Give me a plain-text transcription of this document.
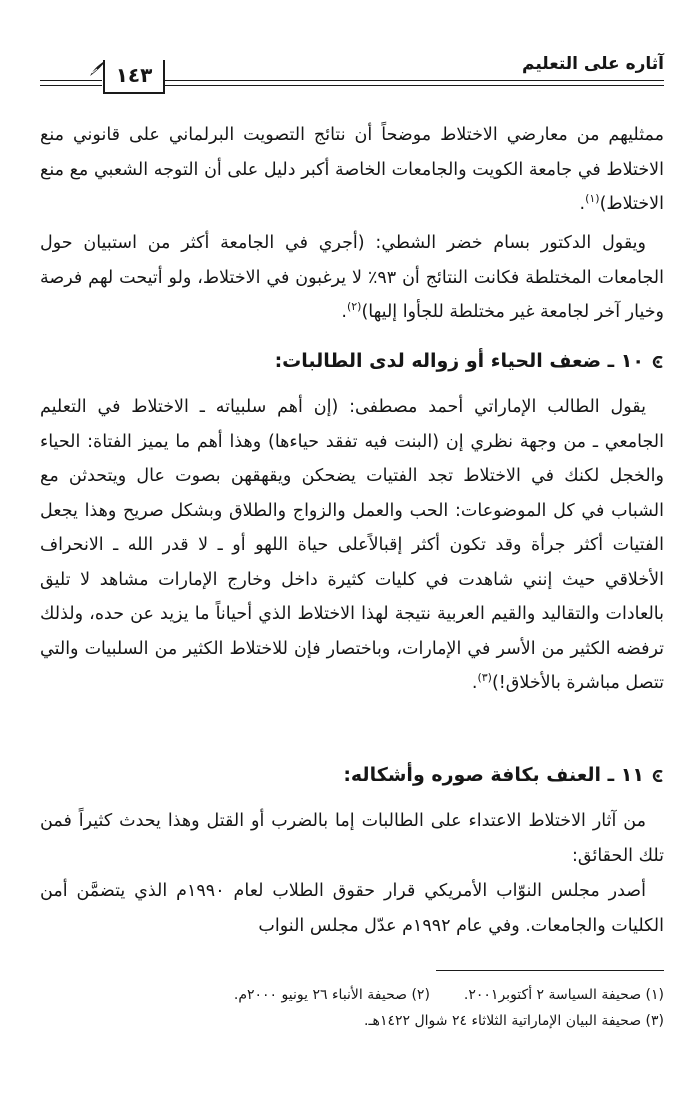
آثاره على التعليم
١٤٣

ممثليهم من معارضي الاختلاط موضحاً أن نتائج التصويت البرلماني على قانوني منع الاختلاط في جامعة الكويت والجامعات الخاصة أكبر دليل على أن التوجه الشعبي مع منع الاختلاط)$^{(١)}$.

ويقول الدكتور بسام خضر الشطي: (أجري في الجامعة أكثر من استبيان حول الجامعات المختلطة فكانت النتائج أن ٩٣٪ لا يرغبون في الاختلاط، ولو أتيحت لهم فرصة وخيار آخر لجامعة غير مختلطة للجأوا إليها)$^{(٢)}$.

١٠ ـ ضعف الحياء أو زواله لدى الطالبات:

يقول الطالب الإماراتي أحمد مصطفى: (إن أهم سلبياته ـ الاختلاط في التعليم الجامعي ـ من وجهة نظري إن (البنت فيه تفقد حياءها) وهذا أهم ما يميز الفتاة: الحياء والخجل لكنك في الاختلاط تجد الفتيات يضحكن ويقهقهن بصوت عال ويتحدثن مع الشباب في كل الموضوعات: الحب والعمل والزواج والطلاق وبشكل صريح وهذا يجعل الفتيات أكثر جرأة وقد تكون أكثر إقبالاًعلى حياة اللهو أو ـ لا قدر الله ـ الانحراف الأخلاقي حيث إنني شاهدت في كليات كثيرة داخل وخارج الإمارات مشاهد لا تليق بالعادات والتقاليد والقيم العربية نتيجة لهذا الاختلاط الذي أحياناً ما يزيد عن حده، ولذلك ترفضه الكثير من الأسر في الإمارات، وباختصار فإن للاختلاط الكثير من السلبيات والتي تتصل مباشرة بالأخلاق!)$^{(٣)}$.

١١ ـ العنف بكافة صوره وأشكاله:

من آثار الاختلاط الاعتداء على الطالبات إما بالضرب أو القتل وهذا يحدث كثيراً فمن تلك الحقائق:

أصدر مجلس النوّاب الأمريكي قرار حقوق الطلاب لعام ١٩٩٠م الذي يتضمَّن أمن الكليات والجامعات. وفي عام ١٩٩٢م عدّل مجلس النواب

(١) صحيفة السياسة ٢ أكتوبر٢٠٠١.(٢) صحيفة الأنباء ٢٦ يونيو ٢٠٠٠م.
(٣) صحيفة البيان الإماراتية الثلاثاء ٢٤ شوال ١٤٢٢هـ.
